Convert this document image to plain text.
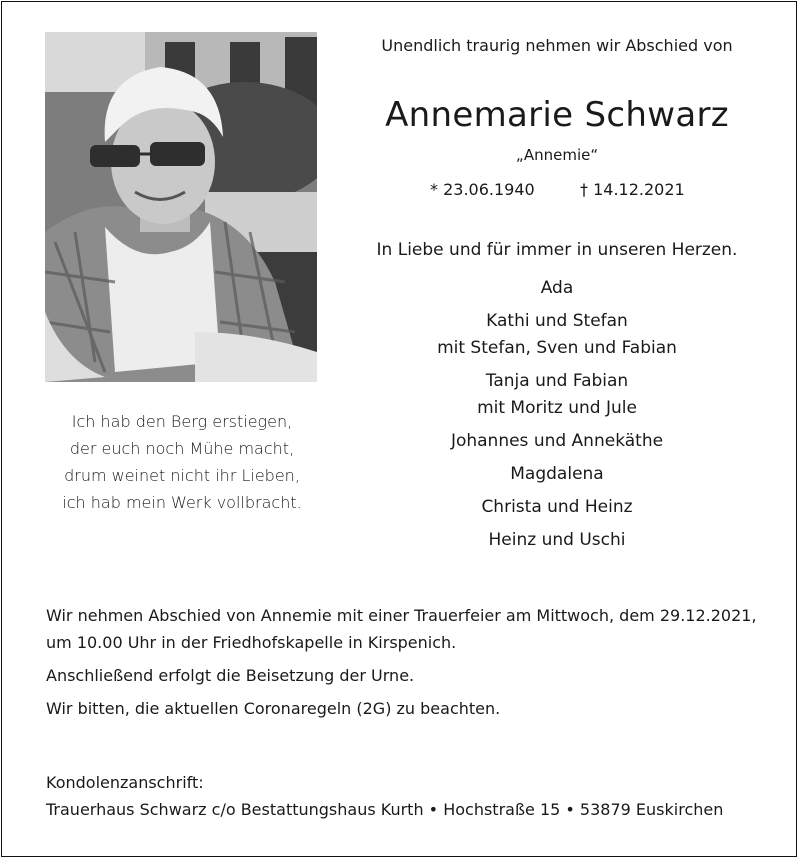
Ich hab den Berg erstiegen,
der euch noch Mühe macht,
drum weinet nicht ihr Lieben,
ich hab mein Werk vollbracht.
Unendlich traurig nehmen wir Abschied von
Annemarie Schwarz
„Annemie“
* 23.06.1940	† 14.12.2021
In Liebe und für immer in unseren Herzen.
Ada
Kathi und Stefan
mit Stefan, Sven und Fabian
Tanja und Fabian
mit Moritz und Jule
Johannes und Annekäthe
Magdalena
Christa und Heinz
Heinz und Uschi

Wir nehmen Abschied von Annemie mit einer Trauerfeier am Mittwoch, dem 29.12.2021,
um 10.00 Uhr in der Friedhofskapelle in Kirspenich.

Anschließend erfolgt die Beisetzung der Urne.

Wir bitten, die aktuellen Coronaregeln (2G) zu beachten.

Kondolenzanschrift:
Trauerhaus Schwarz c/o Bestattungshaus Kurth • Hochstraße 15 • 53879 Euskirchen
